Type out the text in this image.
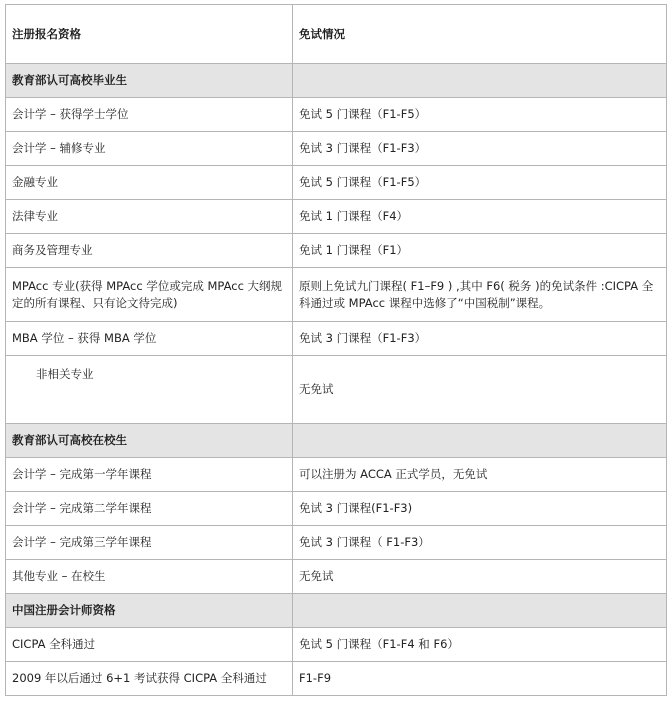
注册报名资格	免试情况
教育部认可高校毕业生	
会计学 – 获得学士学位	免试 5 门课程（F1-F5）
会计学 – 辅修专业	免试 3 门课程（F1-F3）
金融专业	免试 5 门课程（F1-F5）
法律专业	免试 1 门课程（F4）
商务及管理专业	免试 1 门课程（F1）
MPAcc 专业(获得 MPAcc 学位或完成 MPAcc 大纲规定的所有课程、只有论文待完成)	原则上免试九门课程( F1–F9 ) ,其中 F6( 税务 )的免试条件 :CICPA 全科通过或 MPAcc 课程中选修了“中国税制”课程。
MBA 学位 – 获得 MBA 学位	免试 3 门课程（F1-F3）
非相关专业	无免试
教育部认可高校在校生	
会计学 – 完成第一学年课程	可以注册为 ACCA 正式学员，无免试
会计学 – 完成第二学年课程	免试 3 门课程(F1-F3)
会计学 – 完成第三学年课程	免试 3 门课程（ F1-F3）
其他专业 – 在校生	无免试
中国注册会计师资格	
CICPA 全科通过	免试 5 门课程（F1-F4 和 F6）
2009 年以后通过 6+1 考试获得 CICPA 全科通过	F1-F9
